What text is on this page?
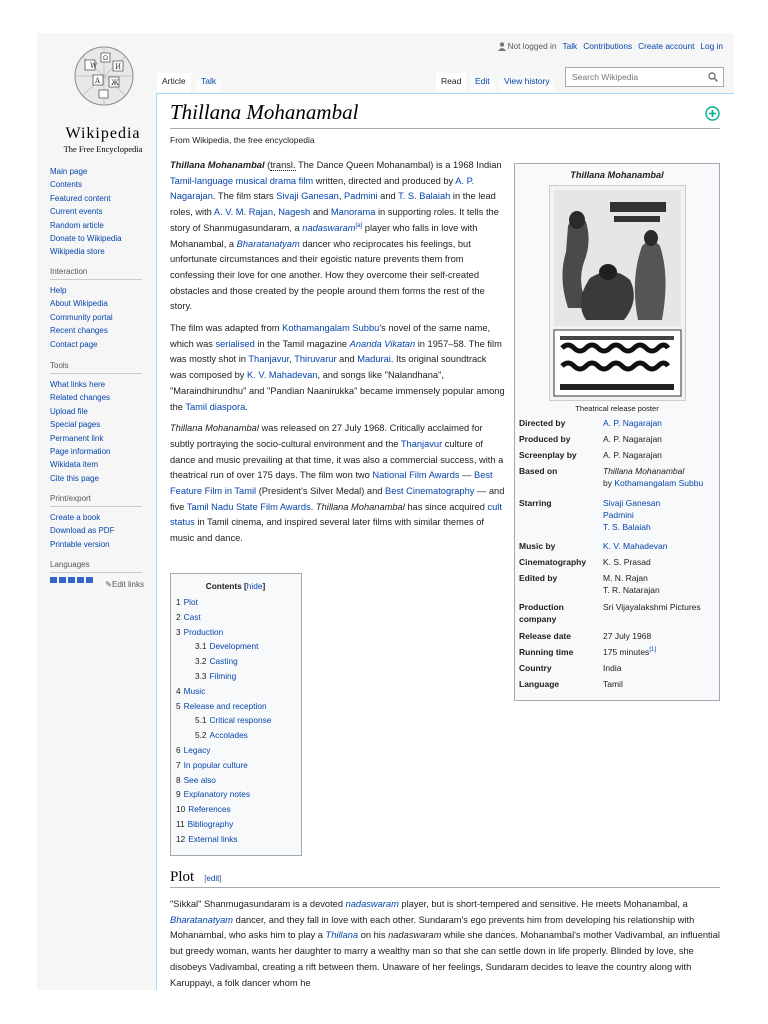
W
Ω
И
A Ж
Wikipedia
The Free Encyclopedia
Main page
Contents
Featured content
Current events
Random article
Donate to Wikipedia
Wikipedia store
Interaction
Help
About Wikipedia
Community portal
Recent changes
Contact page
Tools
What links here
Related changes
Upload file
Special pages
Permanent link
Page information
Wikidata item
Cite this page
Print/export
Create a book
Download as PDF
Printable version
Languages
✎Edit links
Not logged in Talk Contributions Create account Log in
Article	Talk	Read	Edit	View history	Search Wikipedia
Thillana Mohanambal
From Wikipedia, the free encyclopedia

Thillana Mohanambal (transl. The Dance Queen Mohanambal) is a 1968 Indian Tamil-language musical drama film written, directed and produced by A. P. Nagarajan. The film stars Sivaji Ganesan, Padmini and T. S. Balaiah in the lead roles, with A. V. M. Rajan, Nagesh and Manorama in supporting roles. It tells the story of Shanmugasundaram, a nadaswaram[a] player who falls in love with Mohanambal, a Bharatanatyam dancer who reciprocates his feelings, but unfortunate circumstances and their egoistic nature prevents them from confessing their love for one another. How they overcome their self-created obstacles and those created by the people around them forms the rest of the story.

The film was adapted from Kothamangalam Subbu's novel of the same name, which was serialised in the Tamil magazine Ananda Vikatan in 1957–58. The film was mostly shot in Thanjavur, Thiruvarur and Madurai. Its original soundtrack was composed by K. V. Mahadevan, and songs like "Nalandhana", "Maraindhirundhu" and "Pandian Naanirukka" became immensely popular among the Tamil diaspora.

Thillana Mohanambal was released on 27 July 1968. Critically acclaimed for subtly portraying the socio-cultural environment and the Thanjavur culture of dance and music prevailing at that time, it was also a commercial success, with a theatrical run of over 175 days. The film won two National Film Awards — Best Feature Film in Tamil (President's Silver Medal) and Best Cinematography — and five Tamil Nadu State Film Awards. Thillana Mohanambal has since acquired cult status in Tamil cinema, and inspired several later films with similar themes of music and dance.

Contents [hide]
1 Plot
2 Cast
3 Production
3.1 Development
3.2 Casting
3.3 Filming
4 Music
5 Release and reception
5.1 Critical response
5.2 Accolades
6 Legacy
7 In popular culture
8 See also
9 Explanatory notes
10 References
11 Bibliography
12 External links
Thillana Mohanambal
Theatrical release poster
Directed by	A. P. Nagarajan
Produced by	A. P. Nagarajan
Screenplay by	A. P. Nagarajan
Based on	Thillana Mohanambal
by Kothamangalam Subbu
Starring	Sivaji Ganesan
Padmini
T. S. Balaiah
Music by	K. V. Mahadevan
Cinematography	K. S. Prasad
Edited by	M. N. Rajan
T. R. Natarajan
Production company
Sri Vijayalakshmi Pictures
Release date	27 July 1968
Running time	175 minutes[1]
Country	India
Language	Tamil
Plot [edit]
"Sikkal" Shanmugasundaram is a devoted nadaswaram player, but is short-tempered and sensitive. He meets Mohanambal, a Bharatanatyam dancer, and they fall in love with each other. Sundaram's ego prevents him from developing his relationship with Mohanambal, who asks him to play a Thillana on his nadaswaram while she dances. Mohanambal's mother Vadivambal, an influential but greedy woman, wants her daughter to marry a wealthy man so that she can settle down in life properly. Blinded by love, she disobeys Vadivambal, creating a rift between them. Unaware of her feelings, Sundaram decides to leave the country along with Karuppayi, a folk dancer whom he
